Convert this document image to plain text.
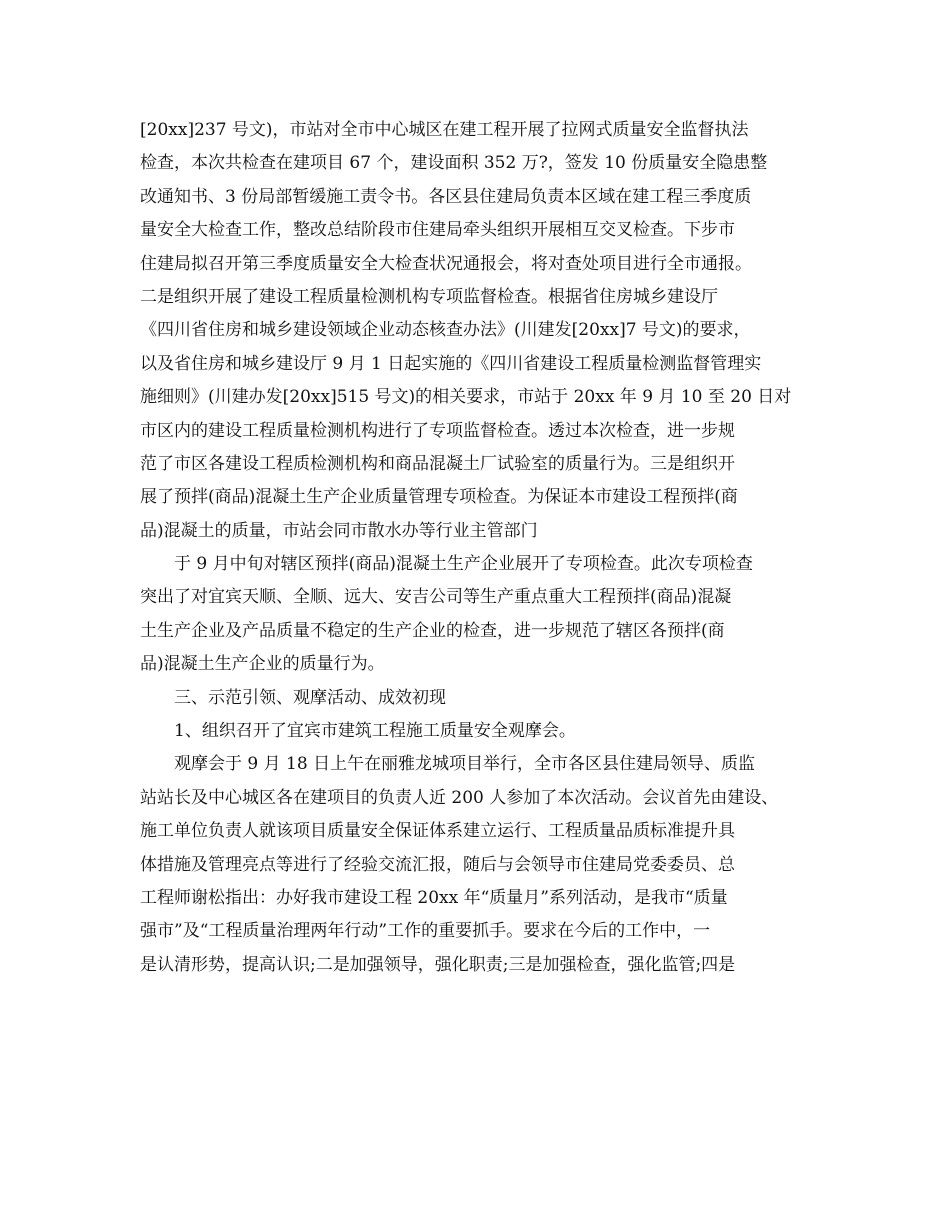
[20xx]237 号文)，市站对全市中心城区在建工程开展了拉网式质量安全监督执法
检查，本次共检查在建项目 67 个，建设面积 352 万?，签发 10 份质量安全隐患整
改通知书、3 份局部暂缓施工责令书。各区县住建局负责本区域在建工程三季度质
量安全大检查工作，整改总结阶段市住建局牵头组织开展相互交叉检查。下步市
住建局拟召开第三季度质量安全大检查状况通报会，将对查处项目进行全市通报。
二是组织开展了建设工程质量检测机构专项监督检查。根据省住房城乡建设厅
《四川省住房和城乡建设领域企业动态核查办法》(川建发[20xx]7 号文)的要求，
以及省住房和城乡建设厅 9 月 1 日起实施的《四川省建设工程质量检测监督管理实
施细则》(川建办发[20xx]515 号文)的相关要求，市站于 20xx 年 9 月 10 至 20 日对
市区内的建设工程质量检测机构进行了专项监督检查。透过本次检查，进一步规
范了市区各建设工程质检测机构和商品混凝土厂试验室的质量行为。三是组织开
展了预拌(商品)混凝土生产企业质量管理专项检查。为保证本市建设工程预拌(商
品)混凝土的质量，市站会同市散水办等行业主管部门
　　于 9 月中旬对辖区预拌(商品)混凝土生产企业展开了专项检查。此次专项检查
突出了对宜宾天顺、全顺、远大、安吉公司等生产重点重大工程预拌(商品)混凝
土生产企业及产品质量不稳定的生产企业的检查，进一步规范了辖区各预拌(商
品)混凝土生产企业的质量行为。
　　三、示范引领、观摩活动、成效初现
　　1、组织召开了宜宾市建筑工程施工质量安全观摩会。
　　观摩会于 9 月 18 日上午在丽雅龙城项目举行，全市各区县住建局领导、质监
站站长及中心城区各在建项目的负责人近 200 人参加了本次活动。会议首先由建设、
施工单位负责人就该项目质量安全保证体系建立运行、工程质量品质标准提升具
体措施及管理亮点等进行了经验交流汇报，随后与会领导市住建局党委委员、总
工程师谢松指出：办好我市建设工程 20xx 年“质量月”系列活动，是我市“质量
强市”及“工程质量治理两年行动”工作的重要抓手。要求在今后的工作中，一
是认清形势，提高认识;二是加强领导，强化职责;三是加强检查，强化监管;四是
